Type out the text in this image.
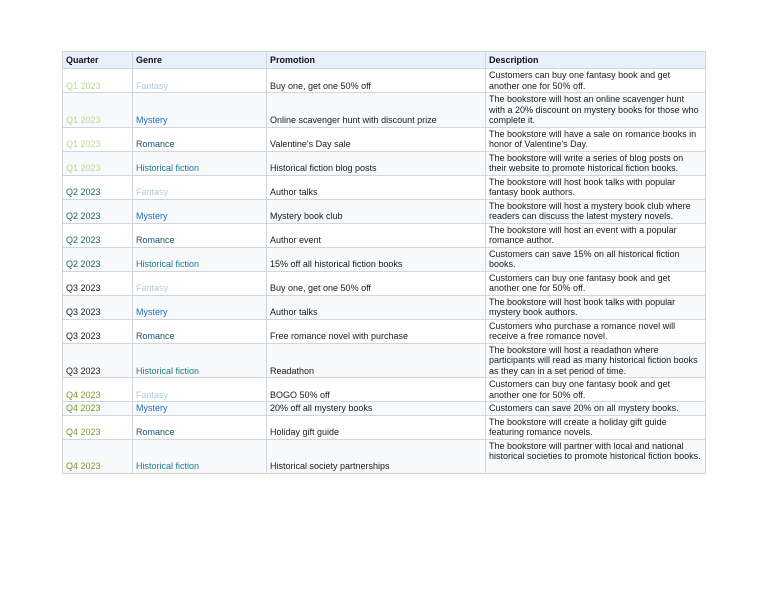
Quarter	Genre	Promotion	Description
Q1 2023	Fantasy	Buy one, get one 50% off	Customers can buy one fantasy book and get another one for 50% off.
Q1 2023	Mystery	Online scavenger hunt with discount prize	The bookstore will host an online scavenger hunt with a 20% discount on mystery books for those who complete it.
Q1 2023	Romance	Valentine's Day sale	The bookstore will have a sale on romance books in honor of Valentine's Day.
Q1 2023	Historical fiction	Historical fiction blog posts	The bookstore will write a series of blog posts on their website to promote historical fiction books.
Q2 2023	Fantasy	Author talks	The bookstore will host book talks with popular fantasy book authors.
Q2 2023	Mystery	Mystery book club	The bookstore will host a mystery book club where readers can discuss the latest mystery novels.
Q2 2023	Romance	Author event	The bookstore will host an event with a popular romance author.
Q2 2023	Historical fiction	15% off all historical fiction books	Customers can save 15% on all historical fiction books.
Q3 2023	Fantasy	Buy one, get one 50% off	Customers can buy one fantasy book and get another one for 50% off.
Q3 2023	Mystery	Author talks	The bookstore will host book talks with popular mystery book authors.
Q3 2023	Romance	Free romance novel with purchase	Customers who purchase a romance novel will receive a free romance novel.
Q3 2023	Historical fiction	Readathon	The bookstore will host a readathon where participants will read as many historical fiction books as they can in a set period of time.
Q4 2023	Fantasy	BOGO 50% off	Customers can buy one fantasy book and get another one for 50% off.
Q4 2023	Mystery	20% off all mystery books	Customers can save 20% on all mystery books.
Q4 2023	Romance	Holiday gift guide	The bookstore will create a holiday gift guide featuring romance novels.
Q4 2023	Historical fiction	Historical society partnerships	The bookstore will partner with local and national historical societies to promote historical fiction books.
